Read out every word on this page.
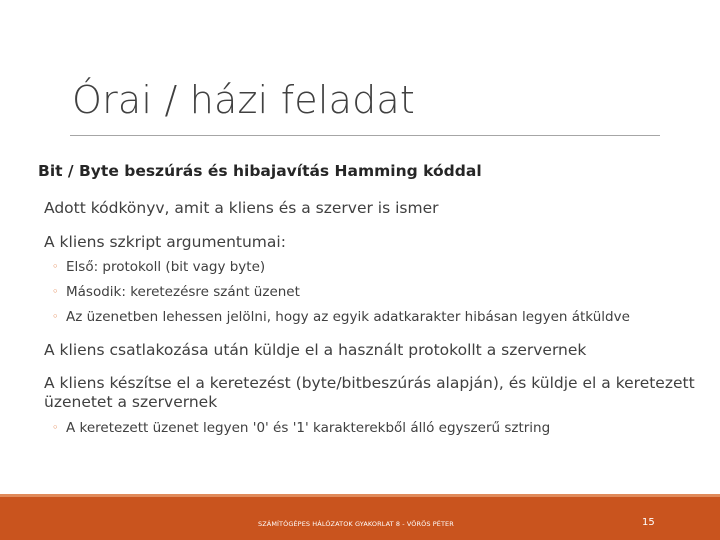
Órai / házi feladat
Bit / Byte beszúrás és hibajavítás Hamming kóddal
Adott kódkönyv, amit a kliens és a szerver is ismer
A kliens szkript argumentumai:
◦ Első: protokoll (bit vagy byte)
◦ Második: keretezésre szánt üzenet
◦ Az üzenetben lehessen jelölni, hogy az egyik adatkarakter hibásan legyen átküldve
A kliens csatlakozása után küldje el a használt protokollt a szervernek
A kliens készítse el a keretezést (byte/bitbeszúrás alapján), és küldje el a keretezett üzenetet a szervernek
◦ A keretezett üzenet legyen '0' és '1' karakterekből álló egyszerű sztring
SZÁMÍTÓGÉPES HÁLÓZATOK GYAKORLAT 8 - VÖRÖS PÉTER	15
